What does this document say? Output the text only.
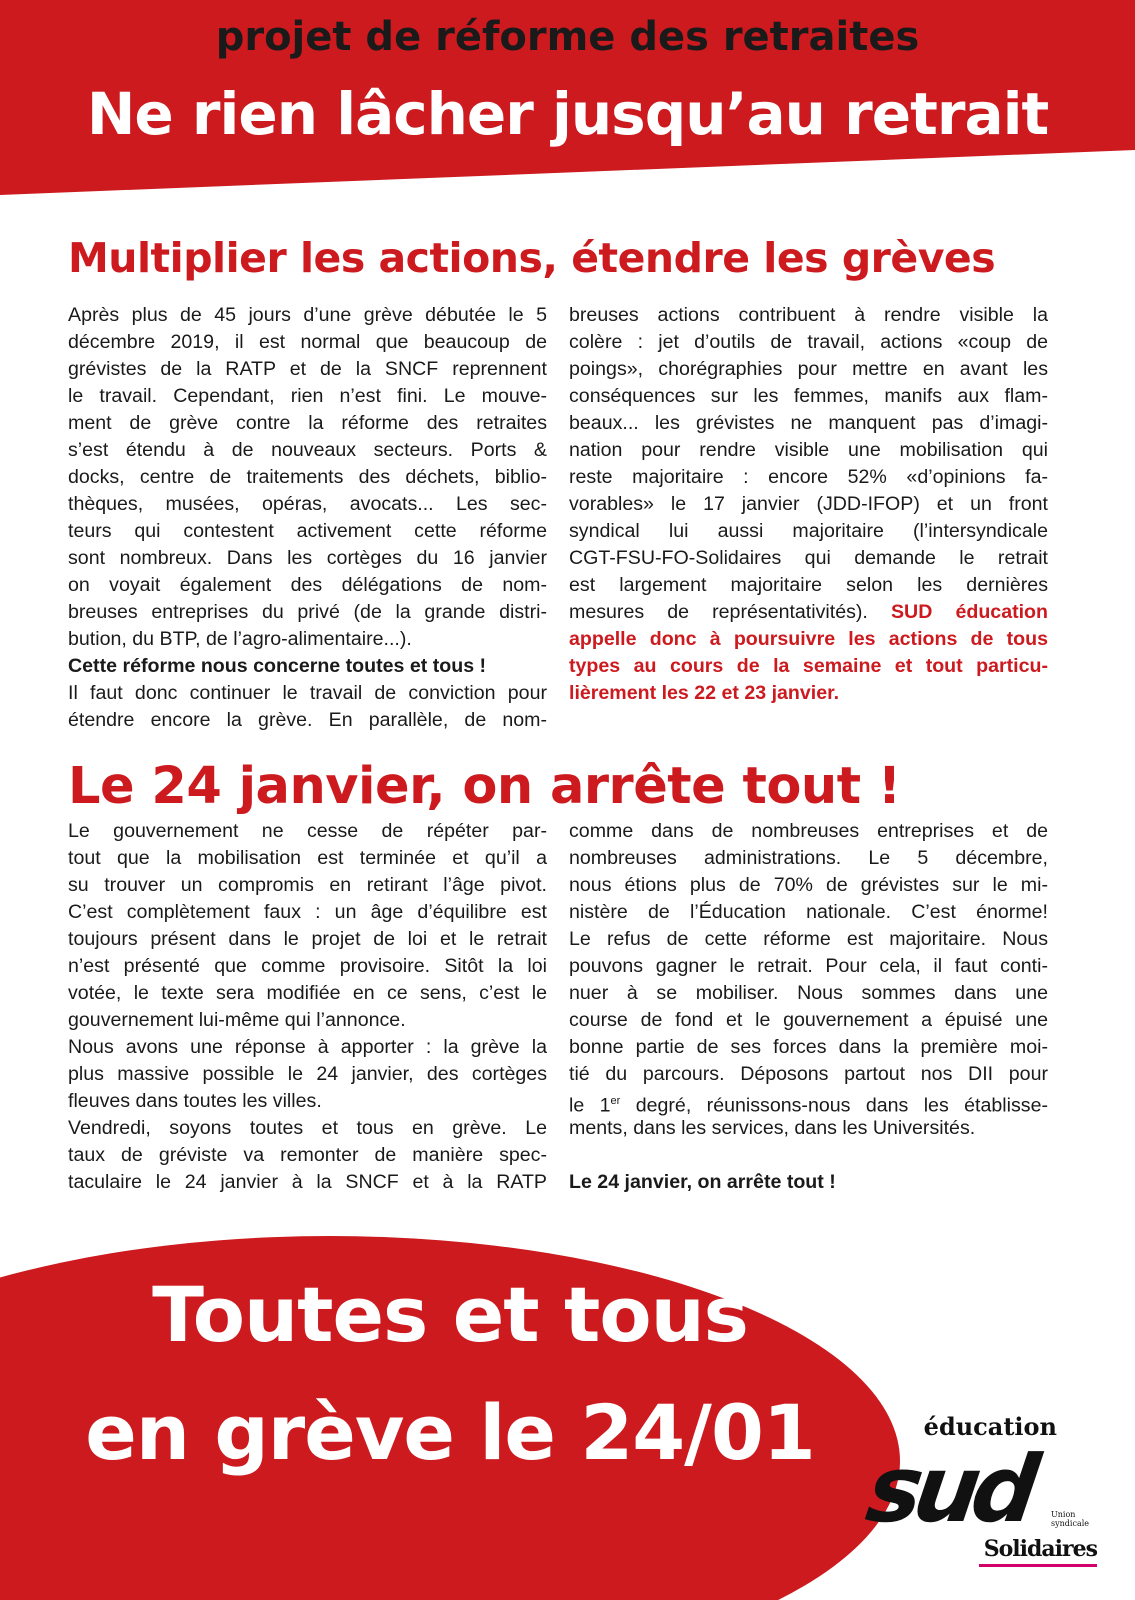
projet de réforme des retraites
Ne rien lâcher jusqu’au retrait
Multiplier les actions, étendre les grèves
Après plus de 45 jours d’une grève débutée le 5
décembre 2019, il est normal que beaucoup de
grévistes de la RATP et de la SNCF reprennent
le travail. Cependant, rien n’est fini. Le mouve-
ment de grève contre la réforme des retraites
s’est étendu à de nouveaux secteurs. Ports &
docks, centre de traitements des déchets, biblio-
thèques, musées, opéras, avocats... Les sec-
teurs qui contestent activement cette réforme
sont nombreux. Dans les cortèges du 16 janvier
on voyait également des délégations de nom-
breuses entreprises du privé (de la grande distri-
bution, du BTP, de l’agro-alimentaire...).
Cette réforme nous concerne toutes et tous !
Il faut donc continuer le travail de conviction pour
étendre encore la grève. En parallèle, de nom-
breuses actions contribuent à rendre visible la
colère : jet d’outils de travail, actions «coup de
poings», chorégraphies pour mettre en avant les
conséquences sur les femmes, manifs aux flam-
beaux... les grévistes ne manquent pas d’imagi-
nation pour rendre visible une mobilisation qui
reste majoritaire : encore 52% «d’opinions fa-
vorables» le 17 janvier (JDD-IFOP) et un front
syndical lui aussi majoritaire (l’intersyndicale
CGT-FSU-FO-Solidaires qui demande le retrait
est largement majoritaire selon les dernières
mesures de représentativités). SUD éducation
appelle donc à poursuivre les actions de tous
types au cours de la semaine et tout particu-
lièrement les 22 et 23 janvier.
Le 24 janvier, on arrête tout !
Le gouvernement ne cesse de répéter par-
tout que la mobilisation est terminée et qu’il a
su trouver un compromis en retirant l’âge pivot.
C’est complètement faux : un âge d’équilibre est
toujours présent dans le projet de loi et le retrait
n’est présenté que comme provisoire. Sitôt la loi
votée, le texte sera modifiée en ce sens, c’est le
gouvernement lui-même qui l’annonce.
Nous avons une réponse à apporter : la grève la
plus massive possible le 24 janvier, des cortèges
fleuves dans toutes les villes.
Vendredi, soyons toutes et tous en grève. Le
taux de gréviste va remonter de manière spec-
taculaire le 24 janvier à la SNCF et à la RATP
comme dans de nombreuses entreprises et de
nombreuses administrations. Le 5 décembre,
nous étions plus de 70% de grévistes sur le mi-
nistère de l’Éducation nationale. C’est énorme!
Le refus de cette réforme est majoritaire. Nous
pouvons gagner le retrait. Pour cela, il faut conti-
nuer à se mobiliser. Nous sommes dans une
course de fond et le gouvernement a épuisé une
bonne partie de ses forces dans la première moi-
tié du parcours. Déposons partout nos DII pour
le 1er degré, réunissons-nous dans les établisse-
ments, dans les services, dans les Universités.
Le 24 janvier, on arrête tout !
Toutes et tous
en grève le 24/01	éducation
sud Union
syndicale
Solidaires
